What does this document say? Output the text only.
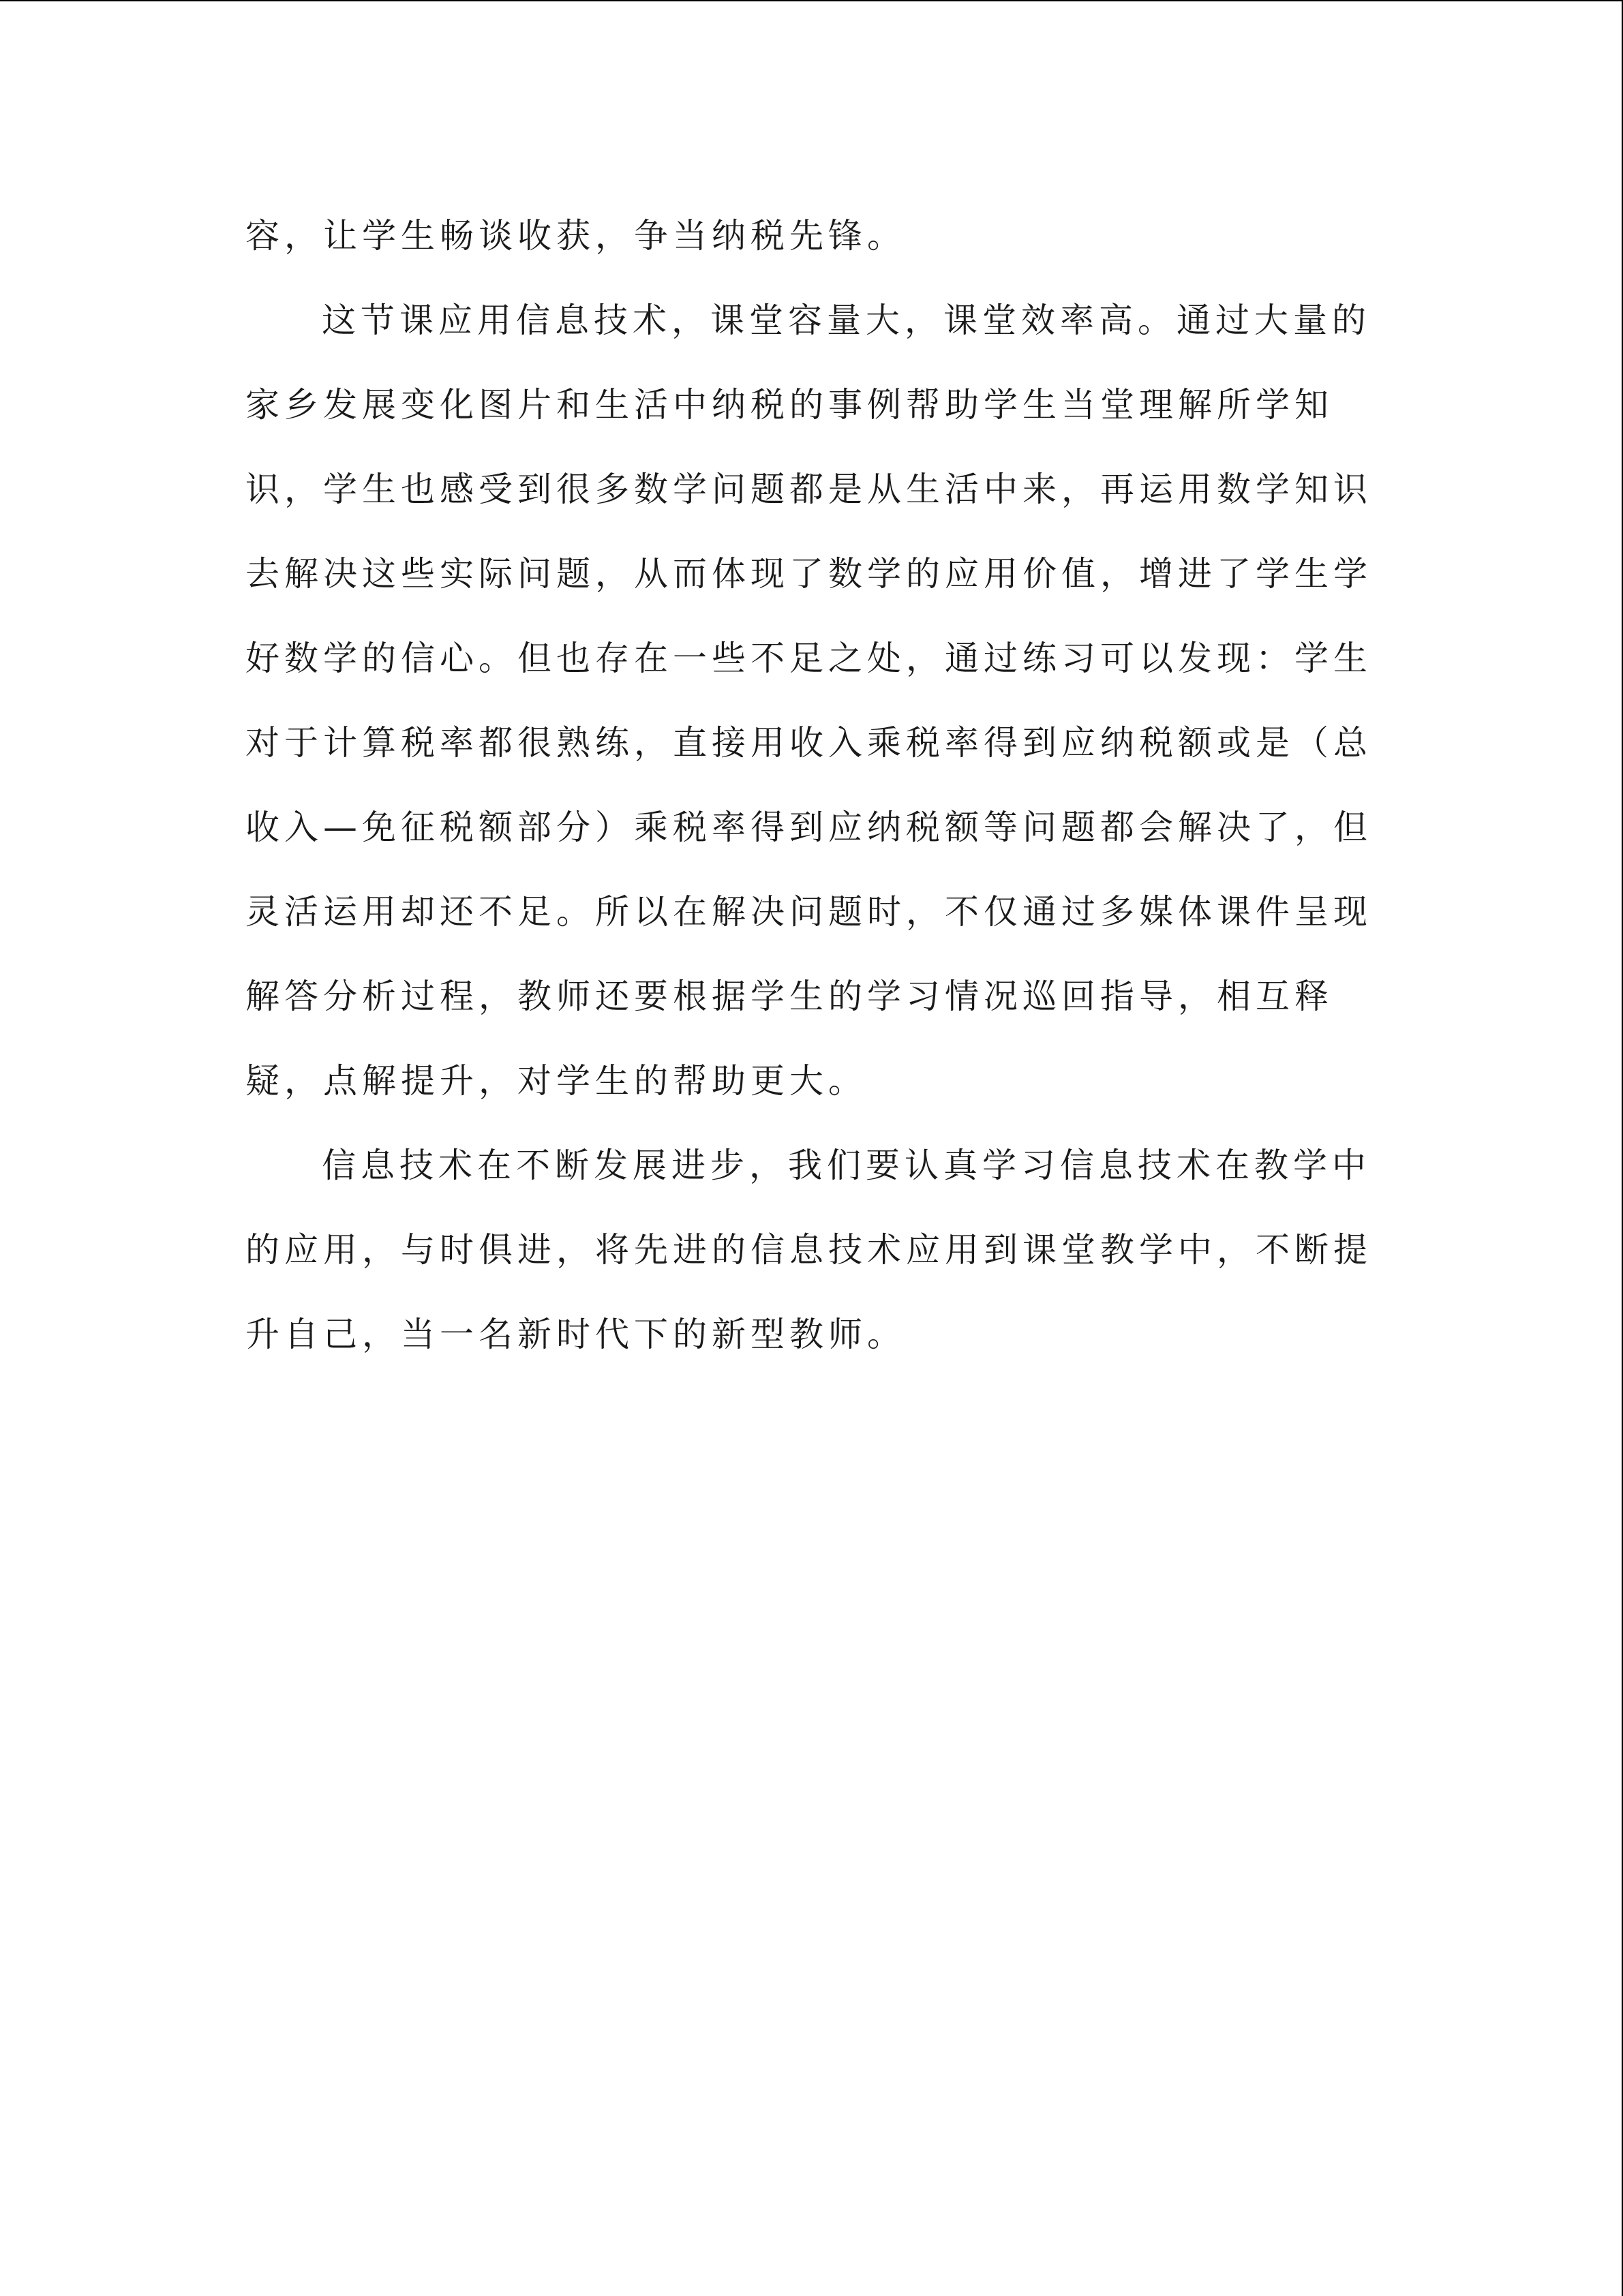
容，让学生畅谈收获，争当纳税先锋。
这节课应用信息技术，课堂容量大，课堂效率高。通过大量的
家乡发展变化图片和生活中纳税的事例帮助学生当堂理解所学知
识，学生也感受到很多数学问题都是从生活中来，再运用数学知识
去解决这些实际问题，从而体现了数学的应用价值，增进了学生学
好数学的信心。但也存在一些不足之处，通过练习可以发现：学生
对于计算税率都很熟练，直接用收入乘税率得到应纳税额或是（总
收入—免征税额部分）乘税率得到应纳税额等问题都会解决了，但
灵活运用却还不足。所以在解决问题时，不仅通过多媒体课件呈现
解答分析过程，教师还要根据学生的学习情况巡回指导，相互释
疑，点解提升，对学生的帮助更大。
信息技术在不断发展进步，我们要认真学习信息技术在教学中
的应用，与时俱进，将先进的信息技术应用到课堂教学中，不断提
升自己，当一名新时代下的新型教师。
